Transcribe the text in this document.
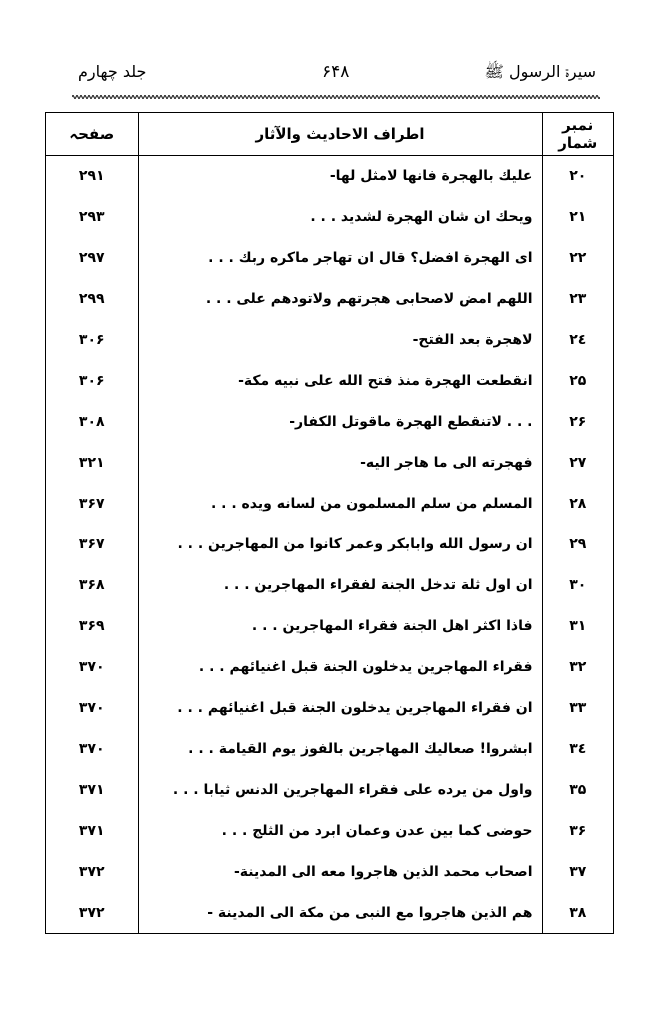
جلد چهارم	۶۴۸	سیرۃ الرسول ﷺ
نمبر شمار	اطراف الاحادیث والآثار	صفحہ
۲۰	علیك بالهجرة فانها لامثل لها-	۲۹۱
۲۱	ویحك ان شان الهجرة لشدید . . .	۲۹۳
۲۲	ای الهجرة افضل؟ قال ان تهاجر ماکره ربك . . .	۲۹۷
۲۳	اللهم امض لاصحابی هجرتهم ولاتودهم علی . . .	۲۹۹
۲٤	لاهجرة بعد الفتح-	۳۰۶
۲۵	انقطعت الهجرة منذ فتح الله علی نبیه مکة-	۳۰۶
۲۶	. . . لاتنقطع الهجرة ماقوتل الکفار-	۳۰۸
۲۷	فهجرته الی ما هاجر الیه-	۳۲۱
۲۸	المسلم من سلم المسلمون من لسانه ویده . . .	۳۶۷
۲۹	ان رسول الله وابابکر وعمر کانوا من المهاجرین . . .	۳۶۷
۳۰	ان اول ثلة تدخل الجنة لفقراء المهاجرین . . .	۳۶۸
۳۱	فاذا اکثر اهل الجنة فقراء المهاجرین . . .	۳۶۹
۳۲	فقراء المهاجرین یدخلون الجنة قبل اغنیائهم . . .	۳۷۰
۳۳	ان فقراء المهاجرین یدخلون الجنة قبل اغنیائهم . . .	۳۷۰
۳٤	ابشروا! صعالیك المهاجرین بالفوز یوم القیامة . . .	۳۷۰
۳۵	واول من یرده علی فقراء المهاجرین الدنس ثیابا . . .	۳۷۱
۳۶	حوضی کما بین عدن وعمان ابرد من الثلج . . .	۳۷۱
۳۷	اصحاب محمد الذین هاجروا معه الی المدینة-	۳۷۲
۳۸	هم الذین هاجروا مع النبی من مکة الی المدینة -	۳۷۲
